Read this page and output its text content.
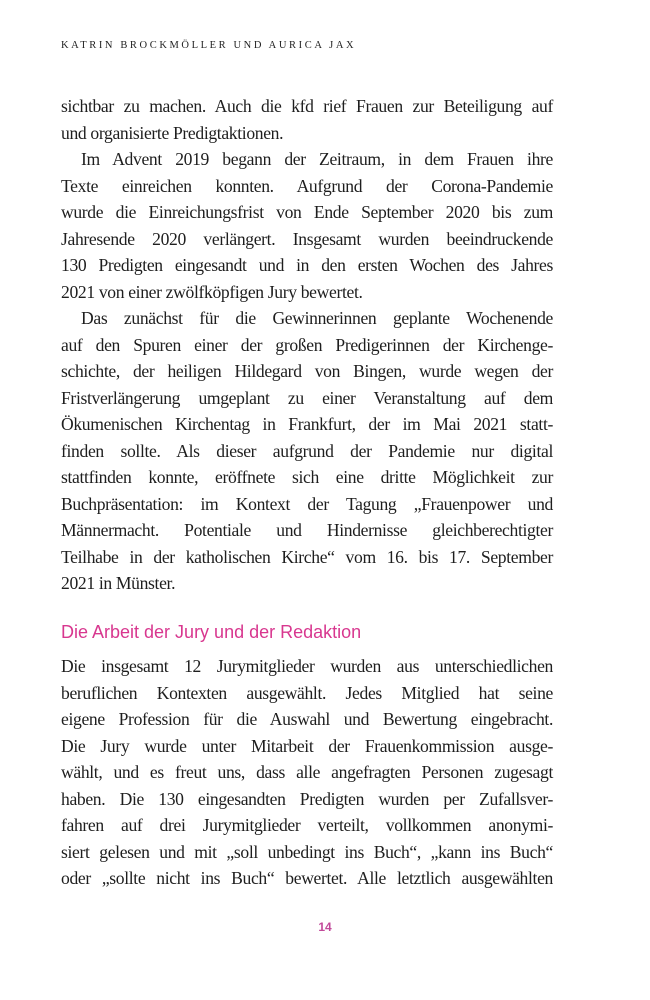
KATRIN BROCKMÖLLER UND AURICA JAX
sichtbar zu machen. Auch die kfd rief Frauen zur Beteiligung auf
und organisierte Predigtaktionen.
Im Advent 2019 begann der Zeitraum, in dem Frauen ihre
Texte einreichen konnten. Aufgrund der Corona-Pandemie
wurde die Einreichungsfrist von Ende September 2020 bis zum
Jahresende 2020 verlängert. Insgesamt wurden beeindruckende
130 Predigten eingesandt und in den ersten Wochen des Jahres
2021 von einer zwölfköpfigen Jury bewertet.
Das zunächst für die Gewinnerinnen geplante Wochenende
auf den Spuren einer der großen Predigerinnen der Kirchenge-
schichte, der heiligen Hildegard von Bingen, wurde wegen der
Fristverlängerung umgeplant zu einer Veranstaltung auf dem
Ökumenischen Kirchentag in Frankfurt, der im Mai 2021 statt-
finden sollte. Als dieser aufgrund der Pandemie nur digital
stattfinden konnte, eröffnete sich eine dritte Möglichkeit zur
Buchpräsentation: im Kontext der Tagung „Frauenpower und
Männermacht. Potentiale und Hindernisse gleichberechtigter
Teilhabe in der katholischen Kirche“ vom 16. bis 17. September
2021 in Münster.
Die Arbeit der Jury und der Redaktion
Die insgesamt 12 Jurymitglieder wurden aus unterschiedlichen
beruflichen Kontexten ausgewählt. Jedes Mitglied hat seine
eigene Profession für die Auswahl und Bewertung eingebracht.
Die Jury wurde unter Mitarbeit der Frauenkommission ausge-
wählt, und es freut uns, dass alle angefragten Personen zugesagt
haben. Die 130 eingesandten Predigten wurden per Zufallsver-
fahren auf drei Jurymitglieder verteilt, vollkommen anonymi-
siert gelesen und mit „soll unbedingt ins Buch“, „kann ins Buch“
oder „sollte nicht ins Buch“ bewertet. Alle letztlich ausgewählten
14
